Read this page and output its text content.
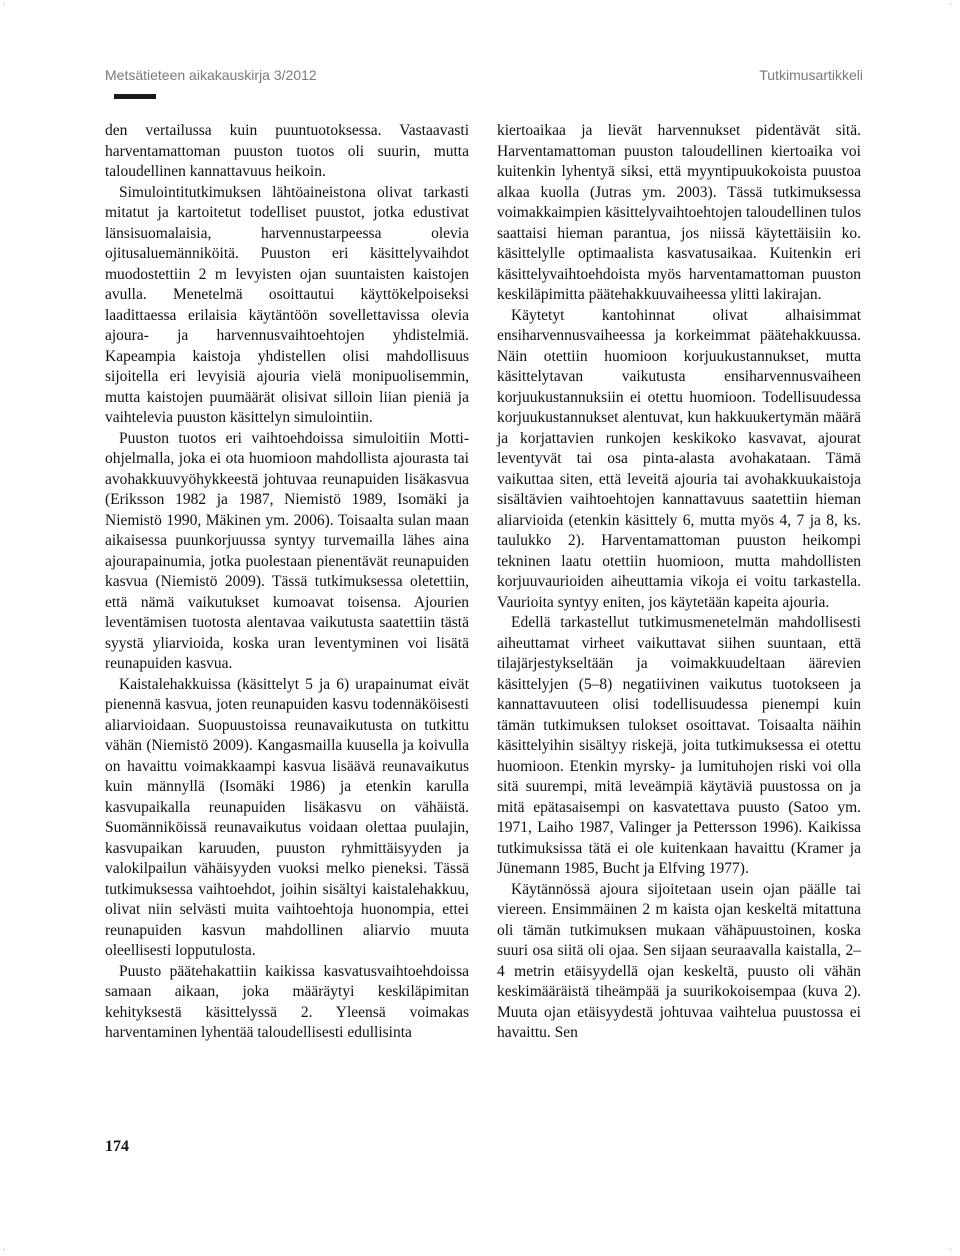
·	·
·	·
Metsätieteen aikakauskirja 3/2012	Tutkimusartikkeli

den vertailussa kuin puuntuotoksessa. Vastaavasti harventamattoman puuston tuotos oli suurin, mutta taloudellinen kannattavuus heikoin.

Simulointitutkimuksen lähtöaineistona olivat tarkasti mitatut ja kartoitetut todelliset puustot, jotka edustivat länsisuomalaisia, harvennustarpeessa olevia ojitusaluemänniköitä. Puuston eri käsittelyvaihdot muodostettiin 2 m levyisten ojan suuntaisten kaistojen avulla. Menetelmä osoittautui käyttökelpoiseksi laadittaessa erilaisia käytäntöön sovellettavissa olevia ajoura- ja harvennusvaihtoehtojen yhdistelmiä. Kapeampia kaistoja yhdistellen olisi mahdollisuus sijoitella eri levyisiä ajouria vielä monipuolisemmin, mutta kaistojen puumäärät olisivat silloin liian pieniä ja vaihtelevia puuston käsittelyn simulointiin.

Puuston tuotos eri vaihtoehdoissa simuloitiin Motti-ohjelmalla, joka ei ota huomioon mahdollista ajourasta tai avohakkuuvyöhykkeestä johtuvaa reunapuiden lisäkasvua (Eriksson 1982 ja 1987, Niemistö 1989, Isomäki ja Niemistö 1990, Mäkinen ym. 2006). Toisaalta sulan maan aikaisessa puunkorjuussa syntyy turvemailla lähes aina ajourapainumia, jotka puolestaan pienentävät reunapuiden kasvua (Niemistö 2009). Tässä tutkimuksessa oletettiin, että nämä vaikutukset kumoavat toisensa. Ajourien leventämisen tuotosta alentavaa vaikutusta saatettiin tästä syystä yliarvioida, koska uran leventyminen voi lisätä reunapuiden kasvua.

Kaistalehakkuissa (käsittelyt 5 ja 6) urapainumat eivät pienennä kasvua, joten reunapuiden kasvu todennäköisesti aliarvioidaan. Suopuustoissa reunavaikutusta on tutkittu vähän (Niemistö 2009). Kangasmailla kuusella ja koivulla on havaittu voimakkaampi kasvua lisäävä reunavaikutus kuin männyllä (Isomäki 1986) ja etenkin karulla kasvupaikalla reunapuiden lisäkasvu on vähäistä. Suomänniköissä reunavaikutus voidaan olettaa puulajin, kasvupaikan karuuden, puuston ryhmittäisyyden ja valokilpailun vähäisyyden vuoksi melko pieneksi. Tässä tutkimuksessa vaihtoehdot, joihin sisältyi kaistalehakkuu, olivat niin selvästi muita vaihtoehtoja huonompia, ettei reunapuiden kasvun mahdollinen aliarvio muuta oleellisesti lopputulosta.

Puusto päätehakattiin kaikissa kasvatusvaihtoehdoissa samaan aikaan, joka määräytyi keskiläpimitan kehityksestä käsittelyssä 2. Yleensä voimakas harventaminen lyhentää taloudellisesti edullisinta

kiertoaikaa ja lievät harvennukset pidentävät sitä. Harventamattoman puuston taloudellinen kiertoaika voi kuitenkin lyhentyä siksi, että myyntipuukokoista puustoa alkaa kuolla (Jutras ym. 2003). Tässä tutkimuksessa voimakkaimpien käsittelyvaihtoehtojen taloudellinen tulos saattaisi hieman parantua, jos niissä käytettäisiin ko. käsittelylle optimaalista kasvatusaikaa. Kuitenkin eri käsittelyvaihtoehdoista myös harventamattoman puuston keskiläpimitta päätehakkuuvaiheessa ylitti lakirajan.

Käytetyt kantohinnat olivat alhaisimmat ensiharvennusvaiheessa ja korkeimmat päätehakkuussa. Näin otettiin huomioon korjuukustannukset, mutta käsittelytavan vaikutusta ensiharvennusvaiheen korjuukustannuksiin ei otettu huomioon. Todellisuudessa korjuukustannukset alentuvat, kun hakkuukertymän määrä ja korjattavien runkojen keskikoko kasvavat, ajourat leventyvät tai osa pinta-alasta avohakataan. Tämä vaikuttaa siten, että leveitä ajouria tai avohakkuukaistoja sisältävien vaihtoehtojen kannattavuus saatettiin hieman aliarvioida (etenkin käsittely 6, mutta myös 4, 7 ja 8, ks. taulukko 2). Harventamattoman puuston heikompi tekninen laatu otettiin huomioon, mutta mahdollisten korjuuvaurioiden aiheuttamia vikoja ei voitu tarkastella. Vaurioita syntyy eniten, jos käytetään kapeita ajouria.

Edellä tarkastellut tutkimusmenetelmän mahdollisesti aiheuttamat virheet vaikuttavat siihen suuntaan, että tilajärjestykseltään ja voimakkuudeltaan äärevien käsittelyjen (5–8) negatiivinen vaikutus tuotokseen ja kannattavuuteen olisi todellisuudessa pienempi kuin tämän tutkimuksen tulokset osoittavat. Toisaalta näihin käsittelyihin sisältyy riskejä, joita tutkimuksessa ei otettu huomioon. Etenkin myrsky- ja lumituhojen riski voi olla sitä suurempi, mitä leveämpiä käytäviä puustossa on ja mitä epätasaisempi on kasvatettava puusto (Satoo ym. 1971, Laiho 1987, Valinger ja Pettersson 1996). Kaikissa tutkimuksissa tätä ei ole kuitenkaan havaittu (Kramer ja Jünemann 1985, Bucht ja Elfving 1977).

Käytännössä ajoura sijoitetaan usein ojan päälle tai viereen. Ensimmäinen 2 m kaista ojan keskeltä mitattuna oli tämän tutkimuksen mukaan vähäpuustoinen, koska suuri osa siitä oli ojaa. Sen sijaan seuraavalla kaistalla, 2–4 metrin etäisyydellä ojan keskeltä, puusto oli vähän keskimääräistä tiheämpää ja suurikokoisempaa (kuva 2). Muuta ojan etäisyydestä johtuvaa vaihtelua puustossa ei havaittu. Sen

174
